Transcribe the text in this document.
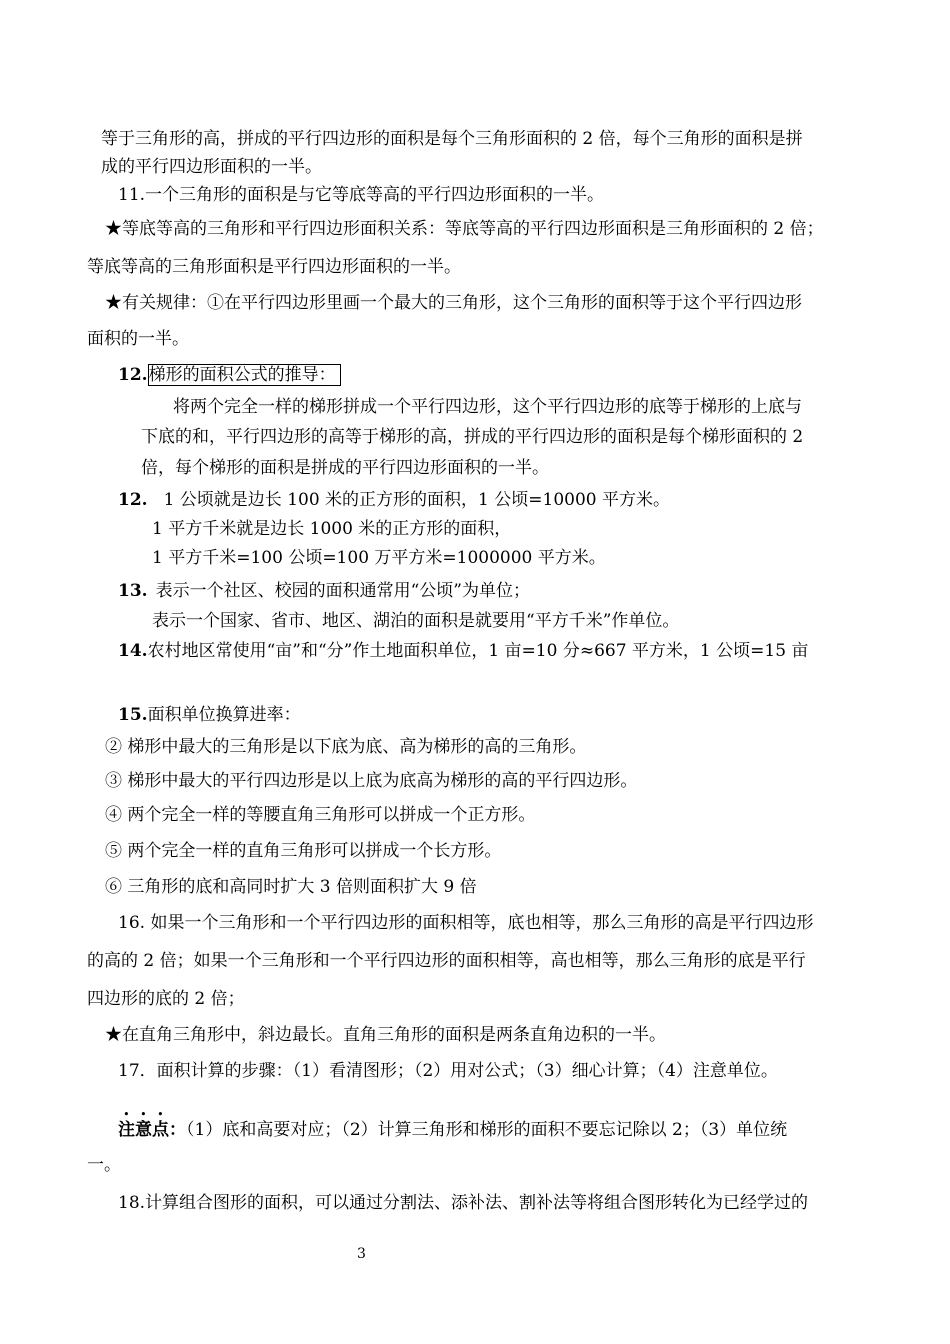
等于三角形的高，拼成的平行四边形的面积是每个三角形面积的 2 倍，每个三角形的面积是拼
成的平行四边形面积的一半。
11.一个三角形的面积是与它等底等高的平行四边形面积的一半。
★等底等高的三角形和平行四边形面积关系：等底等高的平行四边形面积是三角形面积的 2 倍；
等底等高的三角形面积是平行四边形面积的一半。
★有关规律：①在平行四边形里画一个最大的三角形，这个三角形的面积等于这个平行四边形
面积的一半。
12.梯形的面积公式的推导：
将两个完全一样的梯形拼成一个平行四边形，这个平行四边形的底等于梯形的上底与
下底的和，平行四边形的高等于梯形的高，拼成的平行四边形的面积是每个梯形面积的 2
倍，每个梯形的面积是拼成的平行四边形面积的一半。
12. 1 公顷就是边长 100 米的正方形的面积，1 公顷=10000 平方米。
1 平方千米就是边长 1000 米的正方形的面积，
1 平方千米=100 公顷=100 万平方米=1000000 平方米。
13. 表示一个社区、校园的面积通常用“公顷”为单位；
表示一个国家、省市、地区、湖泊的面积是就要用“平方千米”作单位。
14.农村地区常使用“亩”和“分”作土地面积单位，1 亩=10 分≈667 平方米，1 公顷=15 亩
15.面积单位换算进率：
② 梯形中最大的三角形是以下底为底、高为梯形的高的三角形。
③ 梯形中最大的平行四边形是以上底为底高为梯形的高的平行四边形。
④ 两个完全一样的等腰直角三角形可以拼成一个正方形。
⑤ 两个完全一样的直角三角形可以拼成一个长方形。
⑥ 三角形的底和高同时扩大 3 倍则面积扩大 9 倍
16. 如果一个三角形和一个平行四边形的面积相等，底也相等，那么三角形的高是平行四边形
的高的 2 倍；如果一个三角形和一个平行四边形的面积相等，高也相等，那么三角形的底是平行
四边形的底的 2 倍；
★在直角三角形中，斜边最长。直角三角形的面积是两条直角边积的一半。
17．面积计算的步骤：（1）看清图形；（2）用对公式；（3）细心计算；（4）注意单位。
注意点：（1）底和高要对应；（2）计算三角形和梯形的面积不要忘记除以 2；（3）单位统
一。
18.计算组合图形的面积，可以通过分割法、添补法、割补法等将组合图形转化为已经学过的
3
